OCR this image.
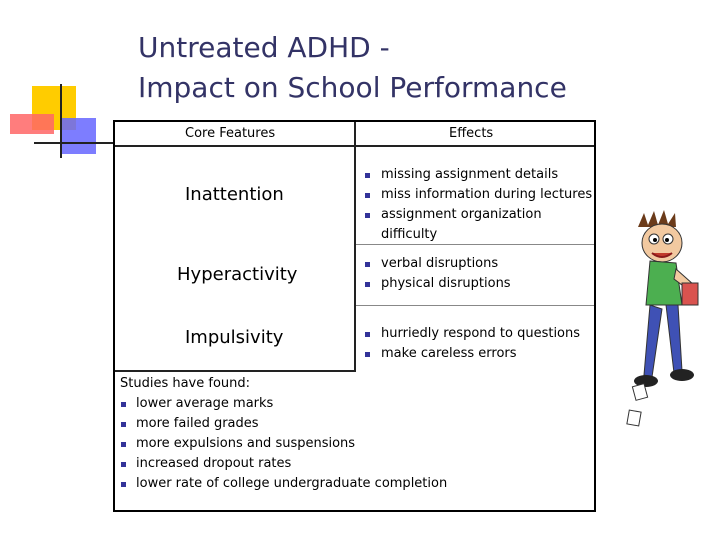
Untreated ADHD -
Impact on School Performance
Core Features	Effects
Inattention
missing assignment details
miss information during lectures
assignment organization difficulty
Hyperactivity
verbal disruptions
physical disruptions
Impulsivity	hurriedly respond to questions
make careless errors
Studies have found:
lower average marks
more failed grades
more expulsions and suspensions
increased dropout rates
lower rate of college undergraduate completion
